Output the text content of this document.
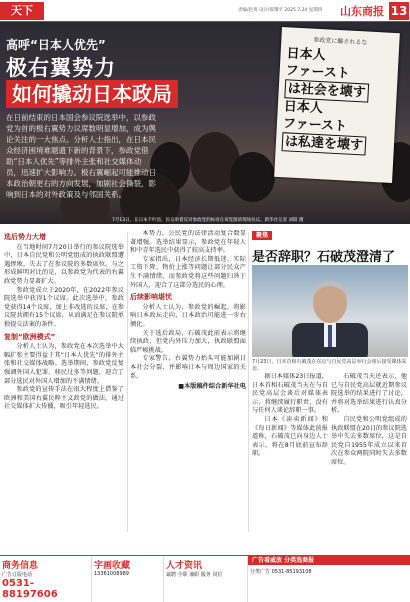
天下	责编/赵爽 设计/郝肇平 2025.7.24 星期四 山东商报 13
高呼“日本人优先”
极右翼势力
如何撬动日本政局
在日前结束的日本国会参议院选举中，以参政党为首的极右翼势力议席数明显增加，成为舆论关注的一大焦点。分析人士指出，在日本民众经济困境难题遗下新的背景下，参政党借助“日本人优先”等排外主张和社交媒体动员，迅速扩大影响力。极右翼崛起可能推动日本政治朝更右的方向发展，加剧社会撕裂，影响到日本的对外政策及与邻国关系。
参政党に騙されるな
日本人
ファースト
は社会を壊す
日本人
ファースト
は私達を壊す
7月13日，在日本千叶县，民众举着反对参政党的标语在该党演讲现场抗议。新华社记者 刘阳 摄
选后势力大增

在当地时间7月20日举行的参议院选举中，日本自民党和公明党组成的执政联盟遭遇惨败，失去了在参议院的多数席位。与之形成鲜明对比的是，以参政党为代表的右翼政党势力显著扩大。

参政党成立于2020年，在2022年参议院选举中获得1个议席。此次选举中，参政党获得14个议席，加上非改选的议席，在参议院共拥有15个议席，从而满足在参议院单独提交法案的条件。

复制“欧洲模式”

分析人士认为，参政党在本次选举中大幅扩张主要得益于其“日本人优先”的排外主张和社交媒体战略。选举期间，参政党反复强调外国人犯罪、移民过多等问题，迎合了部分选民对外国人增加的不满情绪。

参政党的宣传手法在很大程度上借鉴了欧洲和美国右翼民粹主义政党的做法，通过社交媒体扩大传播，吸引年轻选民。

本势力，公民党的法律活动复合数显著增强。选举结果显示，参政党在年轻人和中青年选民中获得了较高支持率。

专家指出，日本经济长期低迷、实际工资下降、物价上涨等问题让部分民众产生不满情绪，而参政党将这些问题归咎于外国人，迎合了这部分选民的心理。

后续影响堪忧

分析人士认为，参政党的崛起，将影响日本政坛走向，日本政治可能进一步右倾化。

关于选后政局，石破茂此前表示将继续执政，但党内外压力加大，执政联盟面临严峻挑战。

专家警告，右翼势力抬头可能加剧日本社会分裂，并影响日本与周边国家的关系。

■本版稿件综合新华社电
聚焦
是否辞职？石破茂澄清了
7月23日，日本首相石破茂在东京与自民党高层举行会谈后接受媒体采访。

据日本媒体23日报道，日本首相石破茂当天在与自民党高层会谈后对媒体表示，将继续履行职责，没有与任何人谈论辞职一事。

日本《读卖新闻》和《每日新闻》等媒体此前报道称，石破茂已向身边人士表示，将在8月底前宣布辞职。

石破茂当天还表示，他已与自民党高层就近期参议院选举的结果进行了讨论，并将对选举结果进行认真分析。

自民党和公明党组成的执政联盟在20日的参议院选举中失去多数席位，这是自民党自1955年成立以来首次在参众两院同时失去多数席位。

商务信息
广告订版电话
0531-88197606
字画收藏
13361008989
人才资讯
诚聘 全职 兼职 服务 岗位
广告看威放 分类选商报
分类广告 0531-85193108
